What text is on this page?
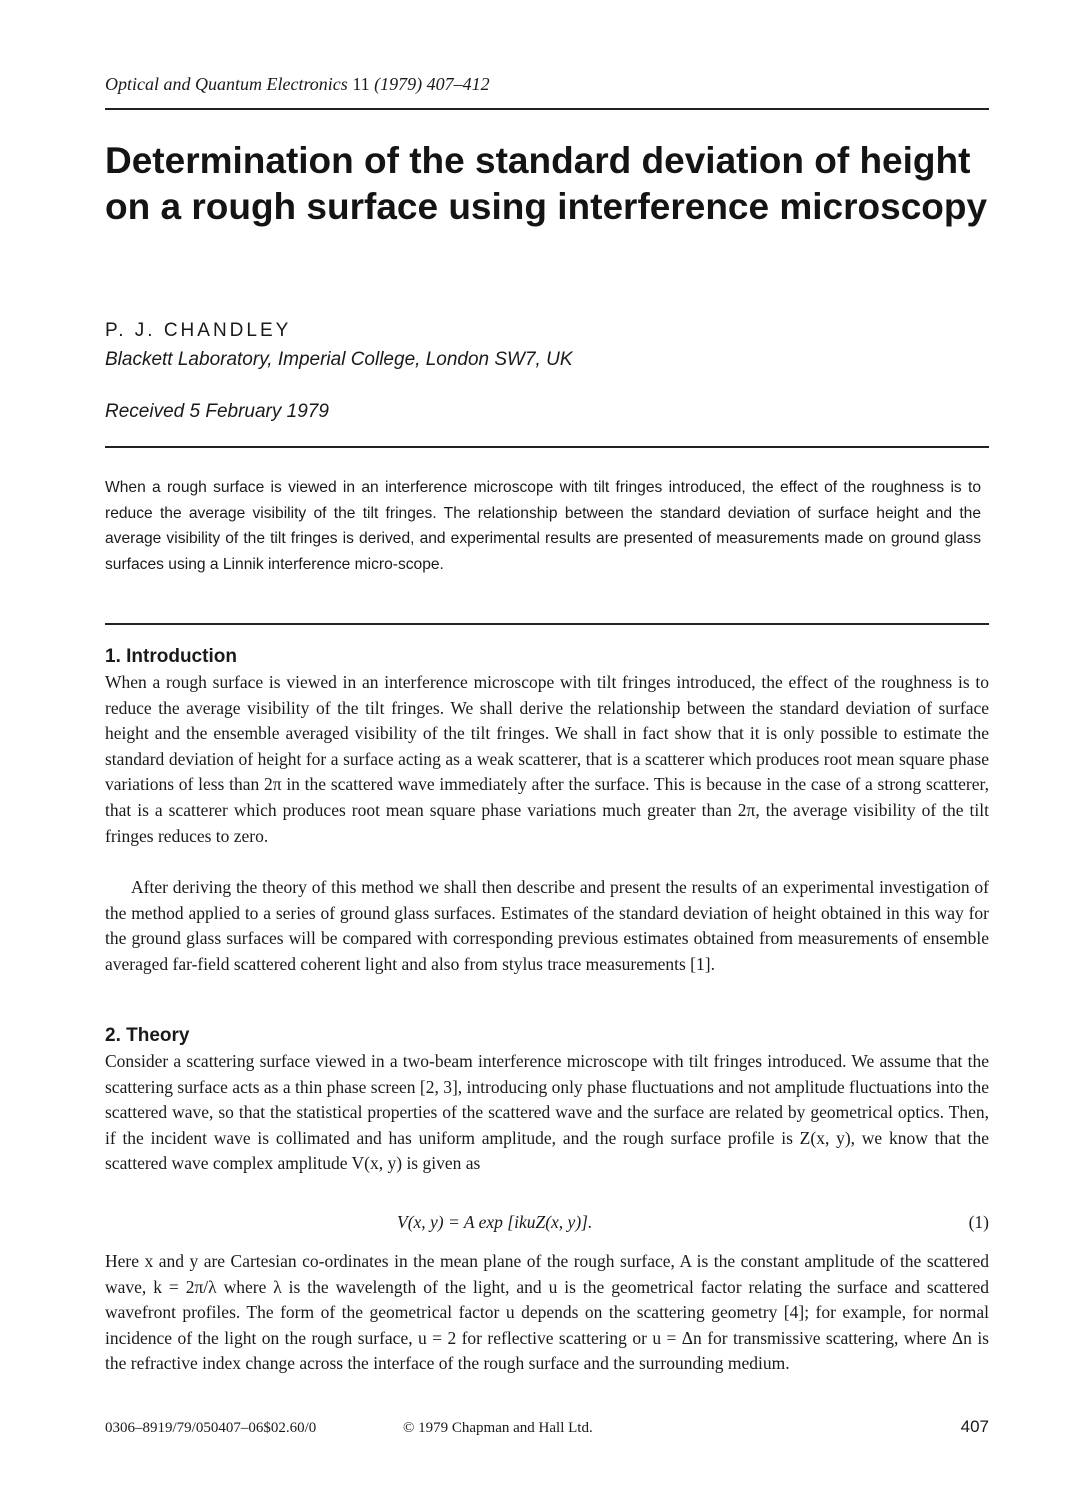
Optical and Quantum Electronics 11 (1979) 407–412
Determination of the standard deviation of height on a rough surface using interference microscopy
P. J. CHANDLEY
Blackett Laboratory, Imperial College, London SW7, UK
Received 5 February 1979

When a rough surface is viewed in an interference microscope with tilt fringes introduced, the effect of the roughness is to reduce the average visibility of the tilt fringes. The relationship between the standard deviation of surface height and the average visibility of the tilt fringes is derived, and experimental results are presented of measurements made on ground glass surfaces using a Linnik interference micro-scope.

1. Introduction

When a rough surface is viewed in an interference microscope with tilt fringes introduced, the effect of the roughness is to reduce the average visibility of the tilt fringes. We shall derive the relationship between the standard deviation of surface height and the ensemble averaged visibility of the tilt fringes. We shall in fact show that it is only possible to estimate the standard deviation of height for a surface acting as a weak scatterer, that is a scatterer which produces root mean square phase variations of less than 2π in the scattered wave immediately after the surface. This is because in the case of a strong scatterer, that is a scatterer which produces root mean square phase variations much greater than 2π, the average visibility of the tilt fringes reduces to zero.

After deriving the theory of this method we shall then describe and present the results of an experimental investigation of the method applied to a series of ground glass surfaces. Estimates of the standard deviation of height obtained in this way for the ground glass surfaces will be compared with corresponding previous estimates obtained from measurements of ensemble averaged far-field scattered coherent light and also from stylus trace measurements [1].

2. Theory

Consider a scattering surface viewed in a two-beam interference microscope with tilt fringes introduced. We assume that the scattering surface acts as a thin phase screen [2, 3], introducing only phase fluctuations and not amplitude fluctuations into the scattered wave, so that the statistical properties of the scattered wave and the surface are related by geometrical optics. Then, if the incident wave is collimated and has uniform amplitude, and the rough surface profile is Z(x, y), we know that the scattered wave complex amplitude V(x, y) is given as

V(x, y) = A exp [ikuZ(x, y)].	(1)

Here x and y are Cartesian co-ordinates in the mean plane of the rough surface, A is the constant amplitude of the scattered wave, k = 2π/λ where λ is the wavelength of the light, and u is the geometrical factor relating the surface and scattered wavefront profiles. The form of the geometrical factor u depends on the scattering geometry [4]; for example, for normal incidence of the light on the rough surface, u = 2 for reflective scattering or u = Δn for transmissive scattering, where Δn is the refractive index change across the interface of the rough surface and the surrounding medium.

0306–8919/79/050407–06$02.60/0	© 1979 Chapman and Hall Ltd.	407
